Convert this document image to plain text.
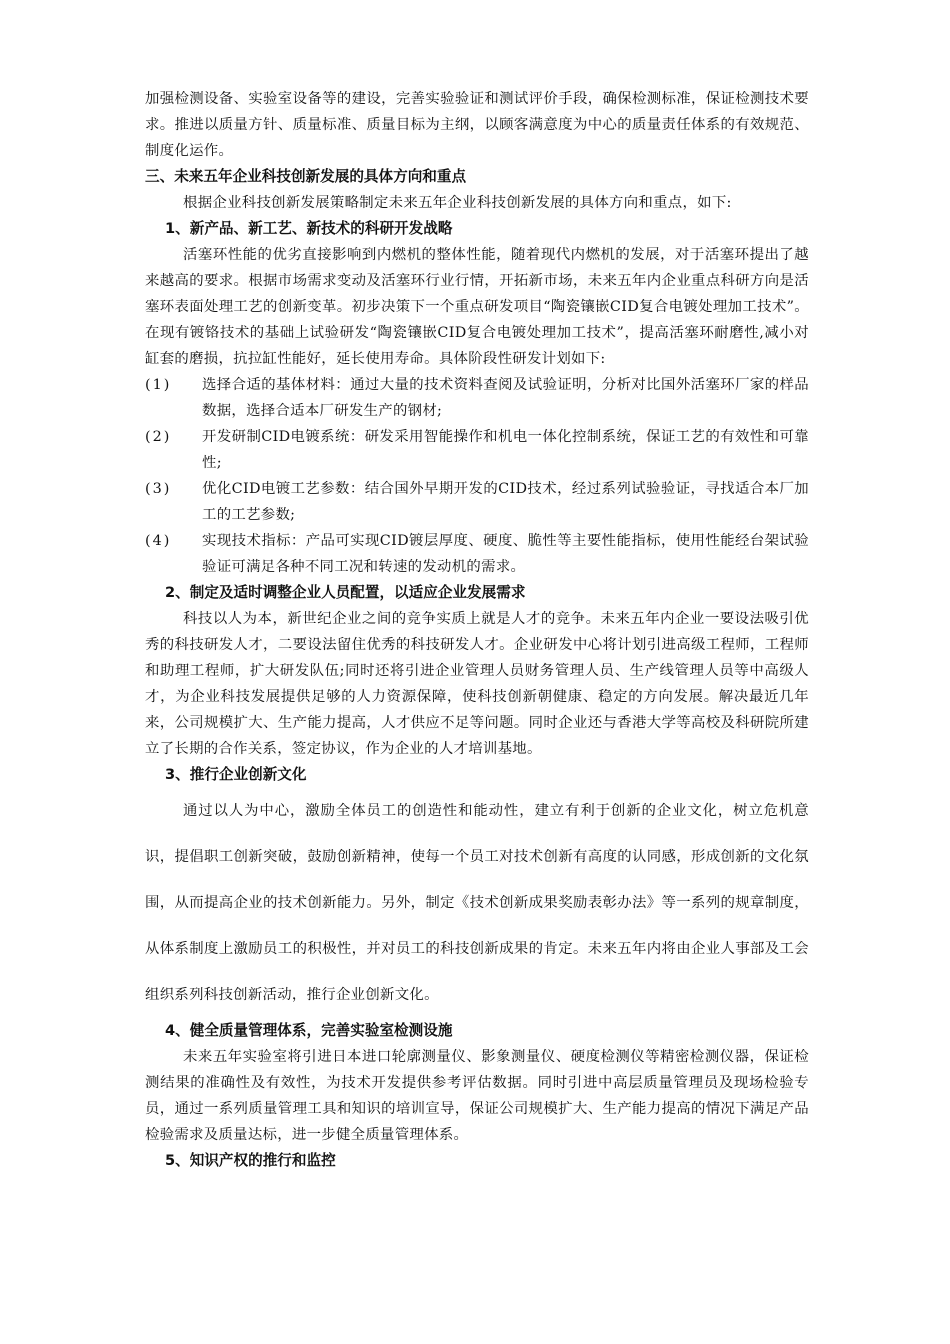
加强检测设备、实验室设备等的建设，完善实验验证和测试评价手段，确保检测标准，保证检测技术要求。推进以质量方针、质量标准、质量目标为主纲，以顾客满意度为中心的质量责任体系的有效规范、制度化运作。

三、未来五年企业科技创新发展的具体方向和重点

根据企业科技创新发展策略制定未来五年企业科技创新发展的具体方向和重点，如下:

1、新产品、新工艺、新技术的科研开发战略

活塞环性能的优劣直接影响到内燃机的整体性能，随着现代内燃机的发展，对于活塞环提出了越来越高的要求。根据市场需求变动及活塞环行业行情，开拓新市场，未来五年内企业重点科研方向是活塞环表面处理工艺的创新变革。初步决策下一个重点研发项目“陶瓷镶嵌CID复合电镀处理加工技术”。在现有镀铬技术的基础上试验研发“陶瓷镶嵌CID复合电镀处理加工技术”，提高活塞环耐磨性,减小对缸套的磨损，抗拉缸性能好，延长使用寿命。具体阶段性研发计划如下:

(1) 选择合适的基体材料：通过大量的技术资料查阅及试验证明，分析对比国外活塞环厂家的样品数据，选择合适本厂研发生产的钢材;
(2) 开发研制CID电镀系统：研发采用智能操作和机电一体化控制系统，保证工艺的有效性和可靠性;
(3) 优化CID电镀工艺参数：结合国外早期开发的CID技术，经过系列试验验证，寻找适合本厂加工的工艺参数;
(4) 实现技术指标：产品可实现CID镀层厚度、硬度、脆性等主要性能指标，使用性能经台架试验验证可满足各种不同工况和转速的发动机的需求。

2、制定及适时调整企业人员配置，以适应企业发展需求

科技以人为本，新世纪企业之间的竞争实质上就是人才的竞争。未来五年内企业一要设法吸引优秀的科技研发人才，二要设法留住优秀的科技研发人才。企业研发中心将计划引进高级工程师，工程师和助理工程师，扩大研发队伍;同时还将引进企业管理人员财务管理人员、生产线管理人员等中高级人才，为企业科技发展提供足够的人力资源保障，使科技创新朝健康、稳定的方向发展。解决最近几年来，公司规模扩大、生产能力提高，人才供应不足等问题。同时企业还与香港大学等高校及科研院所建立了长期的合作关系，签定协议，作为企业的人才培训基地。

3、推行企业创新文化

通过以人为中心，激励全体员工的创造性和能动性，建立有利于创新的企业文化，树立危机意识，提倡职工创新突破，鼓励创新精神，使每一个员工对技术创新有高度的认同感，形成创新的文化氛围，从而提高企业的技术创新能力。另外，制定《技术创新成果奖励表彰办法》等一系列的规章制度，从体系制度上激励员工的积极性，并对员工的科技创新成果的肯定。未来五年内将由企业人事部及工会组织系列科技创新活动，推行企业创新文化。

4、健全质量管理体系，完善实验室检测设施

未来五年实验室将引进日本进口轮廓测量仪、影象测量仪、硬度检测仪等精密检测仪器，保证检测结果的准确性及有效性，为技术开发提供参考评估数据。同时引进中高层质量管理员及现场检验专员，通过一系列质量管理工具和知识的培训宣导，保证公司规模扩大、生产能力提高的情况下满足产品检验需求及质量达标，进一步健全质量管理体系。

5、知识产权的推行和监控
